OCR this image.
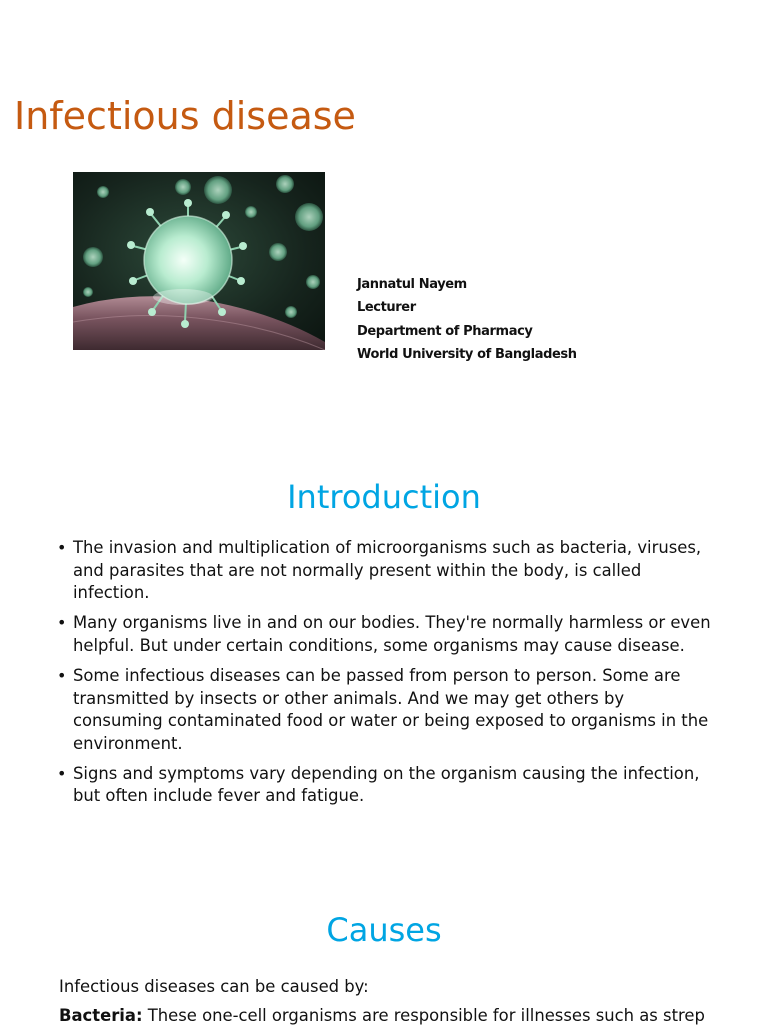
Infectious disease
Jannatul Nayem
Lecturer
Department of Pharmacy
World University of Bangladesh
Introduction
• The invasion and multiplication of microorganisms such as bacteria, viruses, and parasites that are not normally present within the body, is called infection.
• Many organisms live in and on our bodies. They're normally harmless or even helpful. But under certain conditions, some organisms may cause disease.
• Some infectious diseases can be passed from person to person. Some are transmitted by insects or other animals. And we may get others by consuming contaminated food or water or being exposed to organisms in the environment.
• Signs and symptoms vary depending on the organism causing the infection, but often include fever and fatigue.
Causes
Infectious diseases can be caused by:
Bacteria: These one-cell organisms are responsible for illnesses such as strep
